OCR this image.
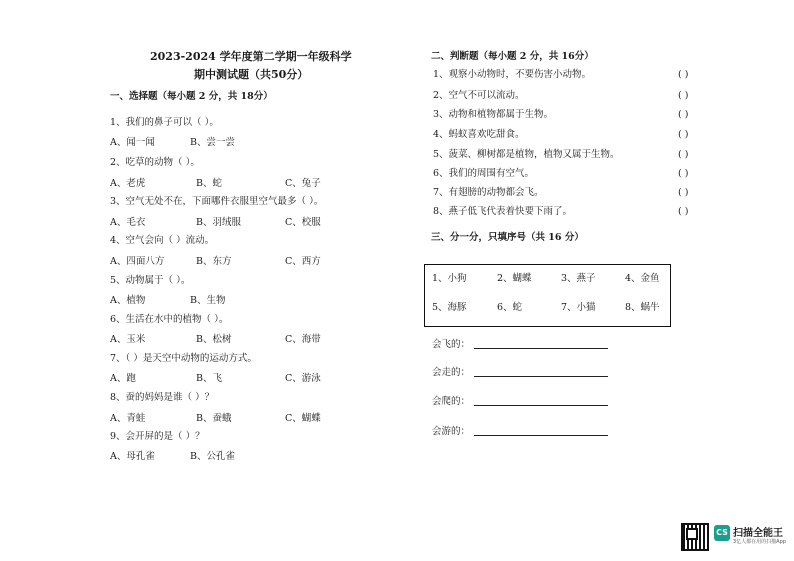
2023-2024 学年度第二学期一年级科学
期中测试题（共50分）
一、选择题（每小题 2 分，共 18分）
1、我们的鼻子可以（ ）。
A、闻一闻	B、尝一尝
2、吃草的动物（ ）。
A、老虎	B、蛇	C、兔子
3、空气无处不在，下面哪件衣服里空气最多（ ）。
A、毛衣	B、羽绒服	C、校服
4、空气会向（ ）流动。
A、四面八方	B、东方	C、西方
5、动物属于（ ）。
A、植物	B、生物
6、生活在水中的植物（ ）。
A、玉米	B、松树	C、海带
7、（ ）是天空中动物的运动方式。
A、跑	B、飞	C、游泳
8、蚕的妈妈是谁（ ）？
A、青蛙	B、蚕蛾	C、蝴蝶
9、会开屏的是（ ）？
A、母孔雀	B、公孔雀
二、判断题（每小题 2 分，共 16分）
1、观察小动物时，不要伤害小动物。	( )
2、空气不可以流动。	( )
3、动物和植物都属于生物。	( )
4、蚂蚁喜欢吃甜食。	( )
5、菠菜、柳树都是植物，植物又属于生物。	( )
6、我们的周围有空气。	( )
7、有翅膀的动物都会飞。	( )
8、燕子低飞代表着快要下雨了。	( )
三、分一分，只填序号（共 16 分）
1、小狗	2、蝴蝶	3、燕子	4、金鱼
5、海豚	6、蛇	7、小猫	8、蜗牛
会飞的：
会走的：
会爬的：
会游的：
CS 扫描全能王
3亿人都在用的扫描App
